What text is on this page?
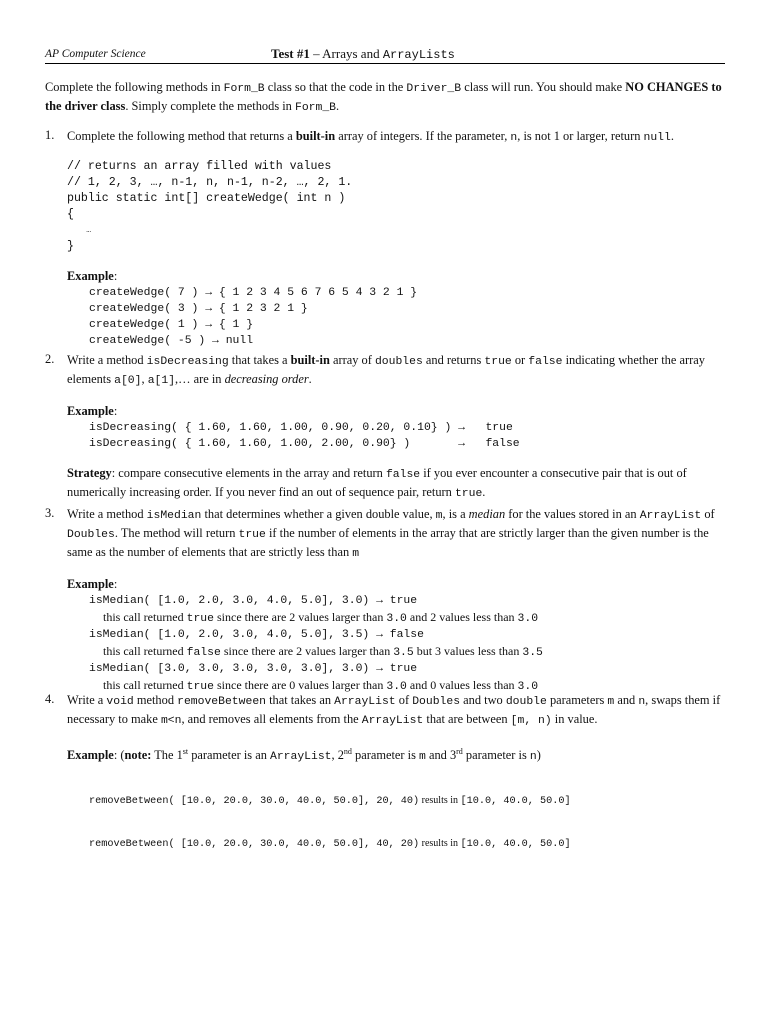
AP Computer Science	Test #1 – Arrays and ArrayLists
Complete the following methods in Form_B class so that the code in the Driver_B class will run. You should make NO CHANGES to the driver class. Simply complete the methods in Form_B.
1. Complete the following method that returns a built-in array of integers. If the parameter, n, is not 1 or larger, return null.
// returns an array filled with values
// 1, 2, 3, …, n-1, n, n-1, n-2, …, 2, 1.
public static int[] createWedge( int n )
{
…
}
Example:
createWedge( 7 ) → { 1 2 3 4 5 6 7 6 5 4 3 2 1 }
createWedge( 3 ) → { 1 2 3 2 1 }
createWedge( 1 ) → { 1 }
createWedge( -5 ) → null
2. Write a method isDecreasing that takes a built-in array of doubles and returns true or false indicating whether the array elements a[0], a[1],… are in decreasing order.
Example:
isDecreasing( { 1.60, 1.60, 1.00, 0.90, 0.20, 0.10} ) →   true
isDecreasing( { 1.60, 1.60, 1.00, 2.00, 0.90} )       →   false
Strategy: compare consecutive elements in the array and return false if you ever encounter a consecutive pair that is out of numerically increasing order. If you never find an out of sequence pair, return true.
3. Write a method isMedian that determines whether a given double value, m, is a median for the values stored in an ArrayList of Doubles. The method will return true if the number of elements in the array that are strictly larger than the given number is the same as the number of elements that are strictly less than m
Example:
isMedian( [1.0, 2.0, 3.0, 4.0, 5.0], 3.0) → true
this call returned true since there are 2 values larger than 3.0 and 2 values less than 3.0
isMedian( [1.0, 2.0, 3.0, 4.0, 5.0], 3.5) → false
this call returned false since there are 2 values larger than 3.5 but 3 values less than 3.5
isMedian( [3.0, 3.0, 3.0, 3.0, 3.0], 3.0) → true
this call returned true since there are 0 values larger than 3.0 and 0 values less than 3.0
4. Write a void method removeBetween that takes an ArrayList of Doubles and two double parameters m and n, swaps them if necessary to make m<n, and removes all elements from the ArrayList that are between [m, n) in value.
Example: (note: The 1st parameter is an ArrayList, 2nd parameter is m and 3rd parameter is n)

removeBetween( [10.0, 20.0, 30.0, 40.0, 50.0], 20, 40) results in [10.0, 40.0, 50.0]

removeBetween( [10.0, 20.0, 30.0, 40.0, 50.0], 40, 20) results in [10.0, 40.0, 50.0]
